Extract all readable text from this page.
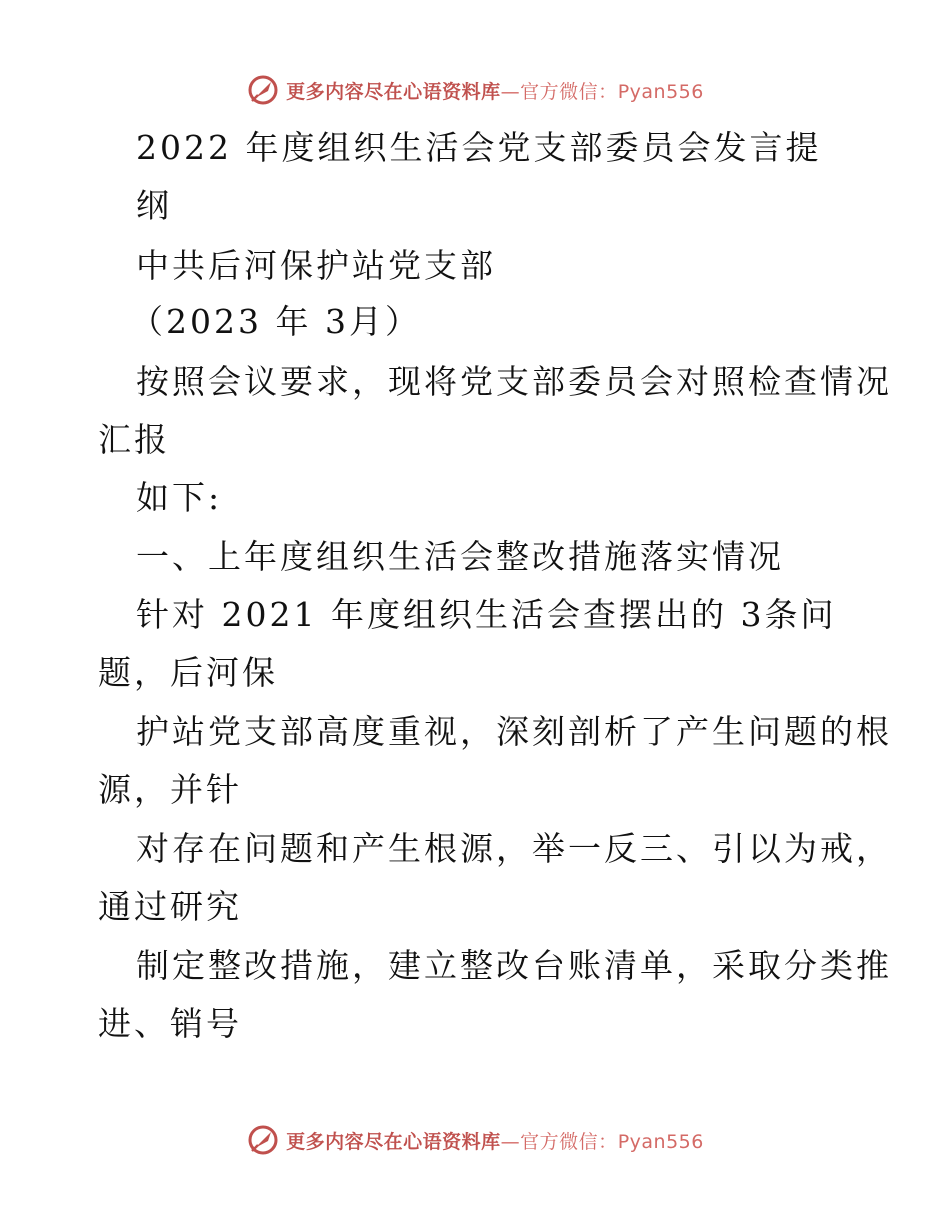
更多内容尽在心语资料库—官方微信：Pyan556
2022 年度组织生活会党支部委员会发言提
纲
中共后河保护站党支部
（2023 年 3月）
按照会议要求，现将党支部委员会对照检查情况
汇报
如下:
一、上年度组织生活会整改措施落实情况
针对 2021 年度组织生活会查摆出的 3条问
题，后河保
护站党支部高度重视，深刻剖析了产生问题的根
源，并针
对存在问题和产生根源，举一反三、引以为戒，
通过研究
制定整改措施，建立整改台账清单，采取分类推
进、销号
更多内容尽在心语资料库—官方微信：Pyan556
